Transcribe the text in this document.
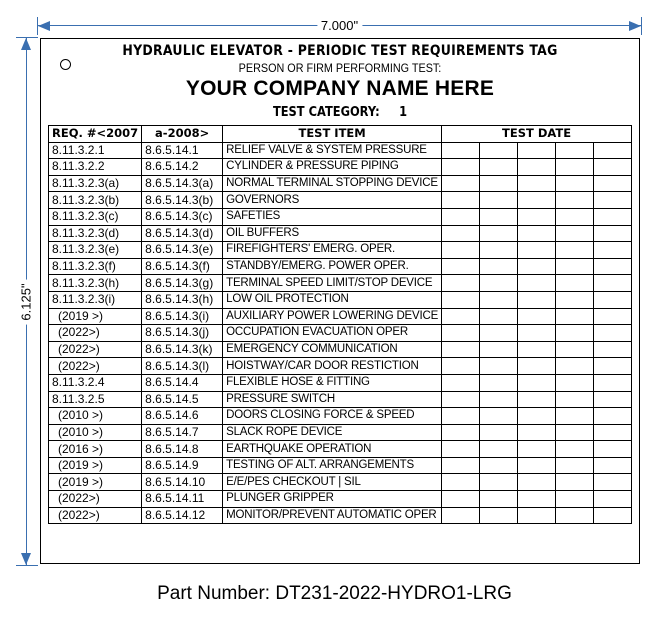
7.000"
6.125"
HYDRAULIC ELEVATOR - PERIODIC TEST REQUIREMENTS TAG
PERSON OR FIRM PERFORMING TEST:
YOUR COMPANY NAME HERE
TEST CATEGORY: 1
REQ. #<2007	a-2008>	TEST ITEM	TEST DATE				
8.11.3.2.1	8.6.5.14.1	RELIEF VALVE & SYSTEM PRESSURE					
8.11.3.2.2	8.6.5.14.2	CYLINDER & PRESSURE PIPING					
8.11.3.2.3(a)	8.6.5.14.3(a)	NORMAL TERMINAL STOPPING DEVICE					
8.11.3.2.3(b)	8.6.5.14.3(b)	GOVERNORS					
8.11.3.2.3(c)	8.6.5.14.3(c)	SAFETIES					
8.11.3.2.3(d)	8.6.5.14.3(d)	OIL BUFFERS					
8.11.3.2.3(e)	8.6.5.14.3(e)	FIREFIGHTERS' EMERG. OPER.					
8.11.3.2.3(f)	8.6.5.14.3(f)	STANDBY/EMERG. POWER OPER.					
8.11.3.2.3(h)	8.6.5.14.3(g)	TERMINAL SPEED LIMIT/STOP DEVICE					
8.11.3.2.3(i)	8.6.5.14.3(h)	LOW OIL PROTECTION					
(2019 >)	8.6.5.14.3(i)	AUXILIARY POWER LOWERING DEVICE					
(2022>)	8.6.5.14.3(j)	OCCUPATION EVACUATION OPER					
(2022>)	8.6.5.14.3(k)	EMERGENCY COMMUNICATION					
(2022>)	8.6.5.14.3(l)	HOISTWAY/CAR DOOR RESTICTION					
8.11.3.2.4	8.6.5.14.4	FLEXIBLE HOSE & FITTING					
8.11.3.2.5	8.6.5.14.5	PRESSURE SWITCH					
(2010 >)	8.6.5.14.6	DOORS CLOSING FORCE & SPEED					
(2010 >)	8.6.5.14.7	SLACK ROPE DEVICE					
(2016 >)	8.6.5.14.8	EARTHQUAKE OPERATION					
(2019 >)	8.6.5.14.9	TESTING OF ALT. ARRANGEMENTS					
(2019 >)	8.6.5.14.10	E/E/PES CHECKOUT | SIL					
(2022>)	8.6.5.14.11	PLUNGER GRIPPER					
(2022>)	8.6.5.14.12	MONITOR/PREVENT AUTOMATIC OPER					
Part Number: DT231-2022-HYDRO1-LRG
